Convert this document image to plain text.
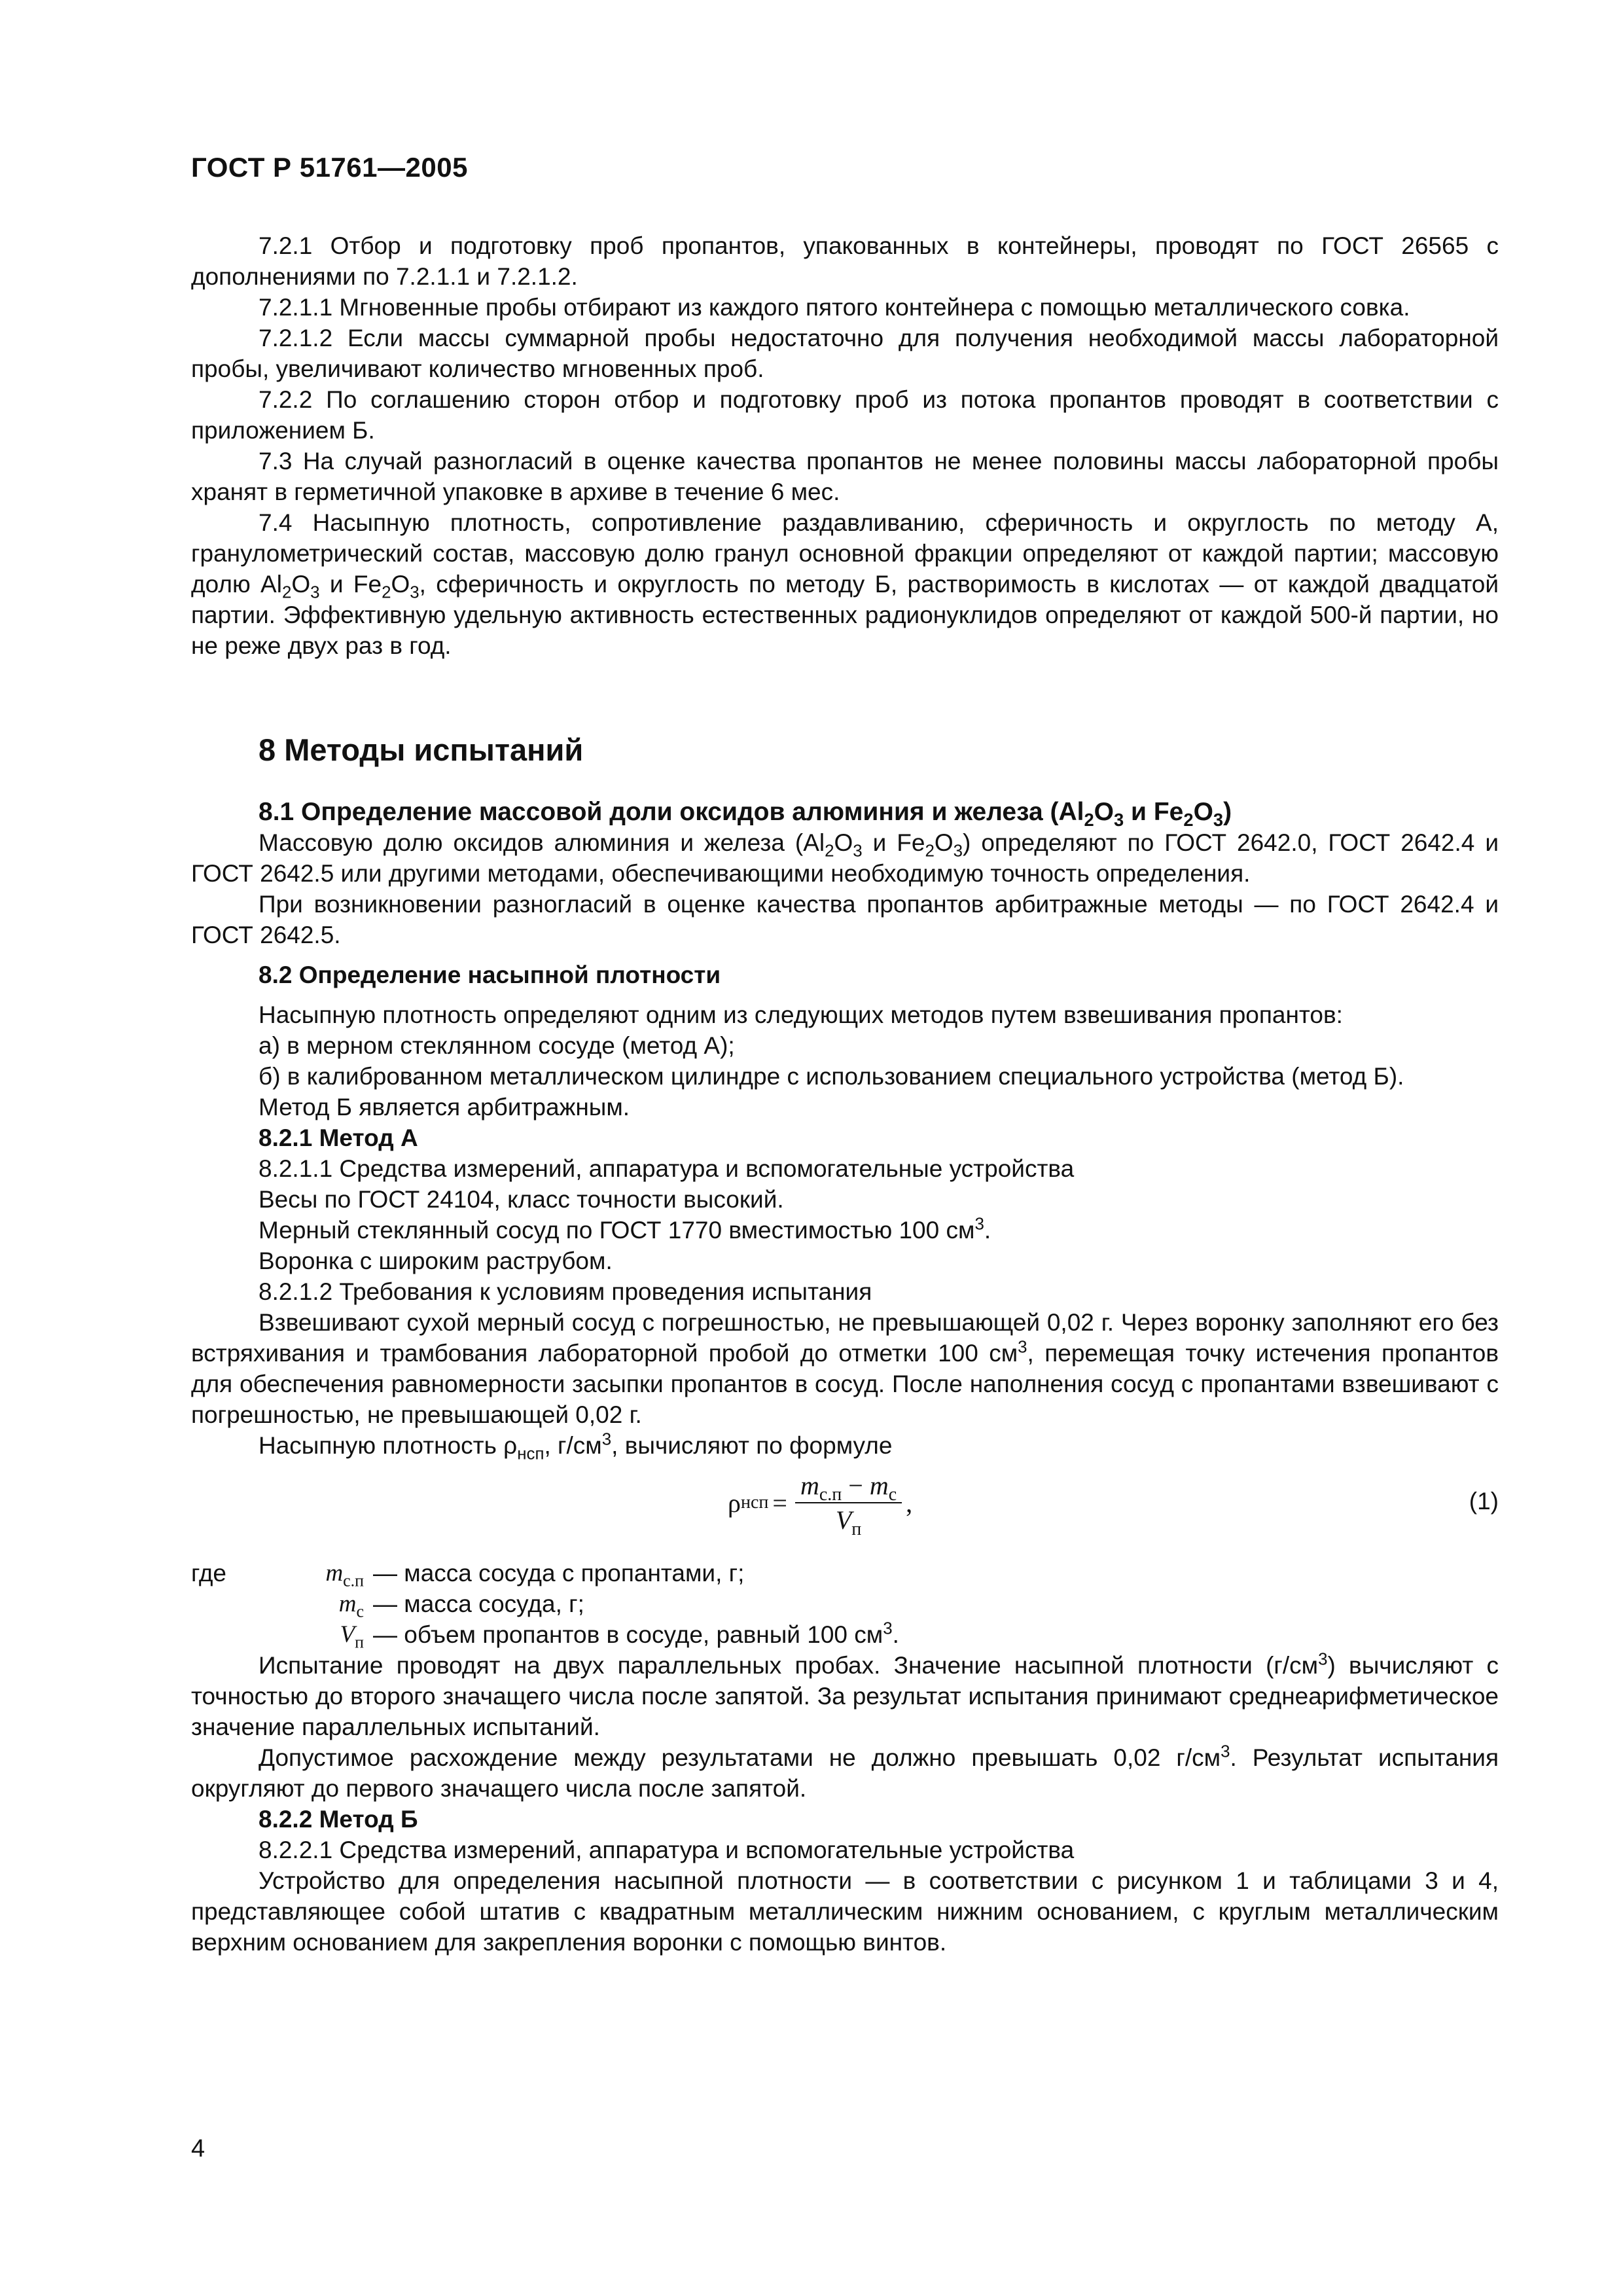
ГОСТ Р 51761—2005

7.2.1 Отбор и подготовку проб пропантов, упакованных в контейнеры, проводят по ГОСТ 26565 с дополнениями по 7.2.1.1 и 7.2.1.2.

7.2.1.1 Мгновенные пробы отбирают из каждого пятого контейнера с помощью металлического совка.

7.2.1.2 Если массы суммарной пробы недостаточно для получения необходимой массы лабораторной пробы, увеличивают количество мгновенных проб.

7.2.2 По соглашению сторон отбор и подготовку проб из потока пропантов проводят в соответствии с приложением Б.

7.3 На случай разногласий в оценке качества пропантов не менее половины массы лабораторной пробы хранят в герметичной упаковке в архиве в течение 6 мес.

7.4 Насыпную плотность, сопротивление раздавливанию, сферичность и округлость по методу А, гранулометрический состав, массовую долю гранул основной фракции определяют от каждой партии; массовую долю $Al_2O_3$ и $Fe_2O_3$, сферичность и округлость по методу Б, растворимость в кислотах — от каждой двадцатой партии. Эффективную удельную активность естественных радионуклидов определяют от каждой 500-й партии, но не реже двух раз в год.

8 Методы испытаний

8.1 Определение массовой доли оксидов алюминия и железа ($Al_2O_3$ и $Fe_2O_3$)

Массовую долю оксидов алюминия и железа ($Al_2O_3$ и $Fe_2O_3$) определяют по ГОСТ 2642.0, ГОСТ 2642.4 и ГОСТ 2642.5 или другими методами, обеспечивающими необходимую точность определения.

При возникновении разногласий в оценке качества пропантов арбитражные методы — по ГОСТ 2642.4 и ГОСТ 2642.5.

8.2 Определение насыпной плотности

Насыпную плотность определяют одним из следующих методов путем взвешивания пропантов:

а) в мерном стеклянном сосуде (метод А);

б) в калиброванном металлическом цилиндре с использованием специального устройства (метод Б).

Метод Б является арбитражным.

8.2.1 Метод А

8.2.1.1 Средства измерений, аппаратура и вспомогательные устройства

Весы по ГОСТ 24104, класс точности высокий.

Мерный стеклянный сосуд по ГОСТ 1770 вместимостью 100 $см^3$.

Воронка с широким раструбом.

8.2.1.2 Требования к условиям проведения испытания

Взвешивают сухой мерный сосуд с погрешностью, не превышающей 0,02 г. Через воронку заполняют его без встряхивания и трамбования лабораторной пробой до отметки 100 $см^3$, перемещая точку истечения пропантов для обеспечения равномерности засыпки пропантов в сосуд. После наполнения сосуд с пропантами взвешивают с погрешностью, не превышающей 0,02 г.

Насыпную плотность $\rho_{нсп}$, $г/см^3$, вычисляют по формуле

ρ нсп = $\frac{m_{с.п} - m_с}{V_п}$ ,	(1)
где	$m_{с.п}$ — масса сосуда с пропантами, г;
$m_с$ — масса сосуда, г;
$V_п$ — объем пропантов в сосуде, равный 100 $см^3$.

Испытание проводят на двух параллельных пробах. Значение насыпной плотности $(г/см^3)$ вычисляют с точностью до второго значащего числа после запятой. За результат испытания принимают среднеарифметическое значение параллельных испытаний.

Допустимое расхождение между результатами не должно превышать 0,02 $г/см^3$. Результат испытания округляют до первого значащего числа после запятой.

8.2.2 Метод Б

8.2.2.1 Средства измерений, аппаратура и вспомогательные устройства

Устройство для определения насыпной плотности — в соответствии с рисунком 1 и таблицами 3 и 4, представляющее собой штатив с квадратным металлическим нижним основанием, с круглым металлическим верхним основанием для закрепления воронки с помощью винтов.

4
